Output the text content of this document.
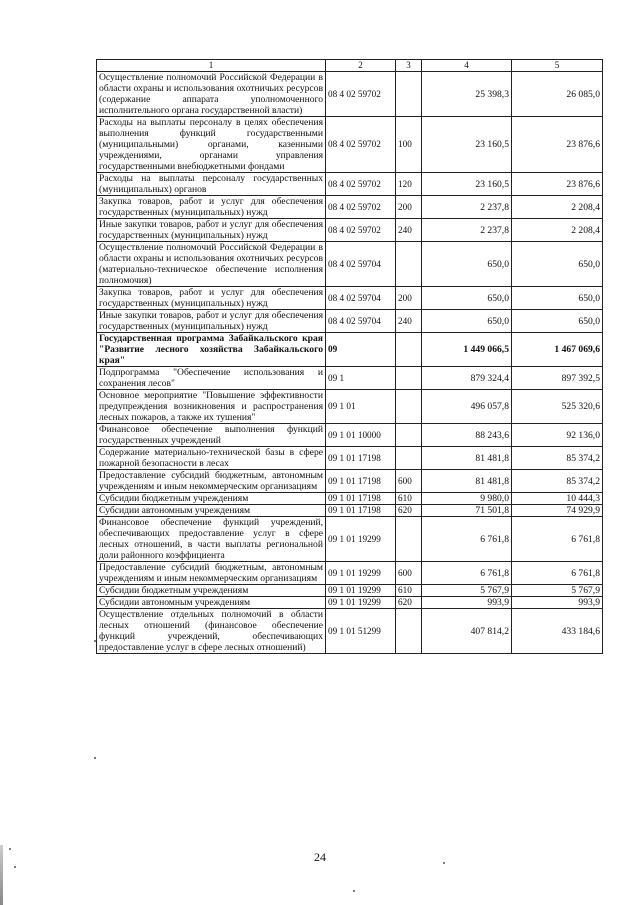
1	2	3	4	5
Осуществление полномочий Российской Федерации в области охраны и использования охотничьих ресурсов (содержание аппарата уполномоченного исполнительного органа государственной власти)	08 4 02 59702		25 398,3	26 085,0
Расходы на выплаты персоналу в целях обеспечения выполнения функций государственными (муниципальными) органами, казенными учреждениями, органами управления государственными внебюджетными фондами	08 4 02 59702	100	23 160,5	23 876,6
Расходы на выплаты персоналу государственных (муниципальных) органов	08 4 02 59702	120	23 160,5	23 876,6
Закупка товаров, работ и услуг для обеспечения государственных (муниципальных) нужд	08 4 02 59702	200	2 237,8	2 208,4
Иные закупки товаров, работ и услуг для обеспечения государственных (муниципальных) нужд	08 4 02 59702	240	2 237,8	2 208,4
Осуществление полномочий Российской Федерации в области охраны и использования охотничьих ресурсов (материально-техническое обеспечение исполнения полномочия)	08 4 02 59704		650,0	650,0
Закупка товаров, работ и услуг для обеспечения государственных (муниципальных) нужд	08 4 02 59704	200	650,0	650,0
Иные закупки товаров, работ и услуг для обеспечения государственных (муниципальных) нужд	08 4 02 59704	240	650,0	650,0
Государственная программа Забайкальского края "Развитие лесного хозяйства Забайкальского края"	09		1 449 066,5	1 467 069,6
Подпрограмма "Обеспечение использования и сохранения лесов"	09 1		879 324,4	897 392,5
Основное мероприятие "Повышение эффективности предупреждения возникновения и распространения лесных пожаров, а также их тушения"	09 1 01		496 057,8	525 320,6
Финансовое обеспечение выполнения функций государственных учреждений	09 1 01 10000		88 243,6	92 136,0
Содержание материально-технической базы в сфере пожарной безопасности в лесах	09 1 01 17198		81 481,8	85 374,2
Предоставление субсидий бюджетным, автономным учреждениям и иным некоммерческим организациям	09 1 01 17198	600	81 481,8	85 374,2
Субсидии бюджетным учреждениям	09 1 01 17198	610	9 980,0	10 444,3
Субсидии автономным учреждениям	09 1 01 17198	620	71 501,8	74 929,9
Финансовое обеспечение функций учреждений, обеспечивающих предоставление услуг в сфере лесных отношений, в части выплаты региональной доли районного коэффициента	09 1 01 19299		6 761,8	6 761,8
Предоставление субсидий бюджетным, автономным учреждениям и иным некоммерческим организациям	09 1 01 19299	600	6 761,8	6 761,8
Субсидии бюджетным учреждениям	09 1 01 19299	610	5 767,9	5 767,9
Субсидии автономным учреждениям	09 1 01 19299	620	993,9	993,9
Осуществление отдельных полномочий в области лесных отношений (финансовое обеспечение функций учреждений, обеспечивающих предоставление услуг в сфере лесных отношений)	09 1 01 51299		407 814,2	433 184,6
24
